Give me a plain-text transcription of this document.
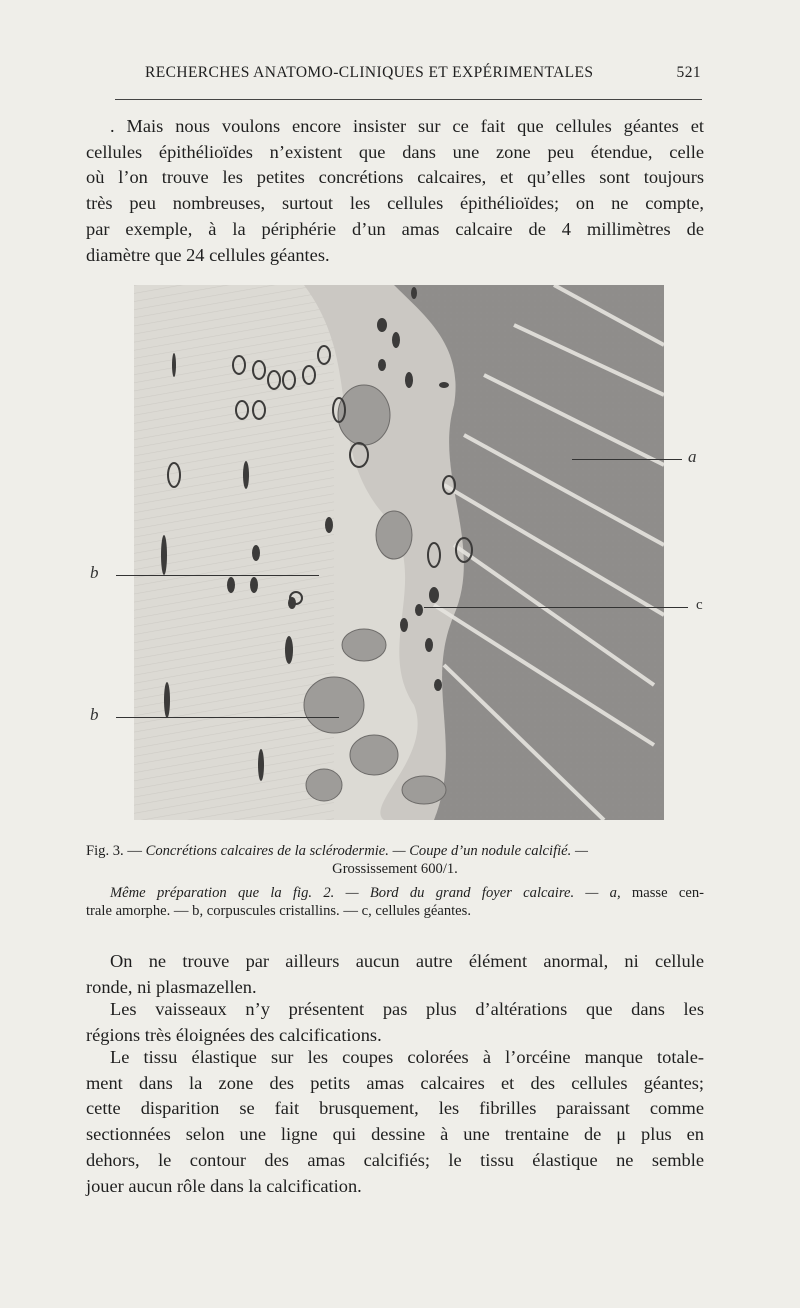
RECHERCHES ANATOMO-CLINIQUES ET EXPÉRIMENTALES	521

. Mais nous voulons encore insister sur ce fait que cellules géantes et
cellules épithélioïdes n’existent que dans une zone peu étendue, celle
où l’on trouve les petites concrétions calcaires, et qu’elles sont toujours
très peu nombreuses, surtout les cellules épithélioïdes; on ne compte,
par exemple, à la périphérie d’un amas calcaire de 4 millimètres de
diamètre que 24 cellules géantes.

a
b
c
b
Fig. 3. — Concrétions calcaires de la sclérodermie. — Coupe d’un nodule calcifié. —
Grossissement 600/1.
Même préparation que la fig. 2. — Bord du grand foyer calcaire. — a, masse cen-
trale amorphe. — b, corpuscules cristallins. — c, cellules géantes.

On ne trouve par ailleurs aucun autre élément anormal, ni cellule
ronde, ni plasmazellen.

Les vaisseaux n’y présentent pas plus d’altérations que dans les
régions très éloignées des calcifications.

Le tissu élastique sur les coupes colorées à l’orcéine manque totale-
ment dans la zone des petits amas calcaires et des cellules géantes;
cette disparition se fait brusquement, les fibrilles paraissant comme
sectionnées selon une ligne qui dessine à une trentaine de μ plus en
dehors, le contour des amas calcifiés; le tissu élastique ne semble
jouer aucun rôle dans la calcification.
